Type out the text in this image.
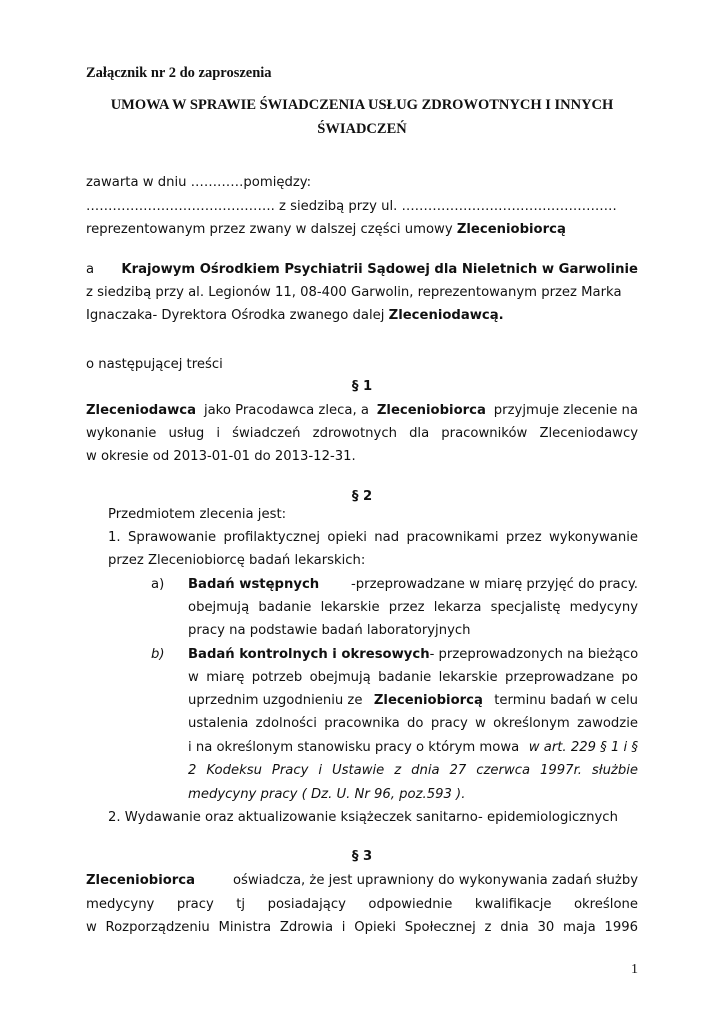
Załącznik nr 2 do zaproszenia
UMOWA W SPRAWIE ŚWIADCZENIA USŁUG ZDROWOTNYCH I INNYCH
ŚWIADCZEŃ
zawarta w dniu …………pomiędzy:
……………………………………. z siedzibą przy ul. ………………………………………….
reprezentowanym przez zwany w dalszej części umowy Zleceniobiorcą
a Krajowym Ośrodkiem Psychiatrii Sądowej dla Nieletnich w Garwolinie
z siedzibą przy al. Legionów 11, 08-400 Garwolin, reprezentowanym przez Marka
Ignaczaka- Dyrektora Ośrodka zwanego dalej Zleceniodawcą.
o następującej treści
§ 1
Zleceniodawca jako Pracodawca zleca, a Zleceniobiorca przyjmuje zlecenie na
wykonanie usług i świadczeń zdrowotnych dla pracowników Zleceniodawcy
w okresie od 2013-01-01 do 2013-12-31.
§ 2
Przedmiotem zlecenia jest:
1. Sprawowanie profilaktycznej opieki nad pracownikami przez wykonywanie
przez Zleceniobiorcę badań lekarskich:
a) Badań wstępnych -przeprowadzane w miarę przyjęć do pracy.
obejmują badanie lekarskie przez lekarza specjalistę medycyny
pracy na podstawie badań laboratoryjnych
b) Badań kontrolnych i okresowych - przeprowadzonych na bieżąco
w miarę potrzeb obejmują badanie lekarskie przeprowadzane po
uprzednim uzgodnieniu ze Zleceniobiorcą terminu badań w celu
ustalenia zdolności pracownika do pracy w określonym zawodzie
i na określonym stanowisku pracy o którym mowa w art. 229 § 1 i §
2 Kodeksu Pracy i Ustawie z dnia 27 czerwca 1997r. służbie
medycyny pracy ( Dz. U. Nr 96, poz.593 ).
2. Wydawanie oraz aktualizowanie książeczek sanitarno- epidemiologicznych
§ 3
Zleceniobiorca	oświadcza, że jest uprawniony do wykonywania zadań służby
medycyny pracy tj posiadający odpowiednie kwalifikacje określone
w Rozporządzeniu Ministra Zdrowia i Opieki Społecznej z dnia 30 maja 1996
1
